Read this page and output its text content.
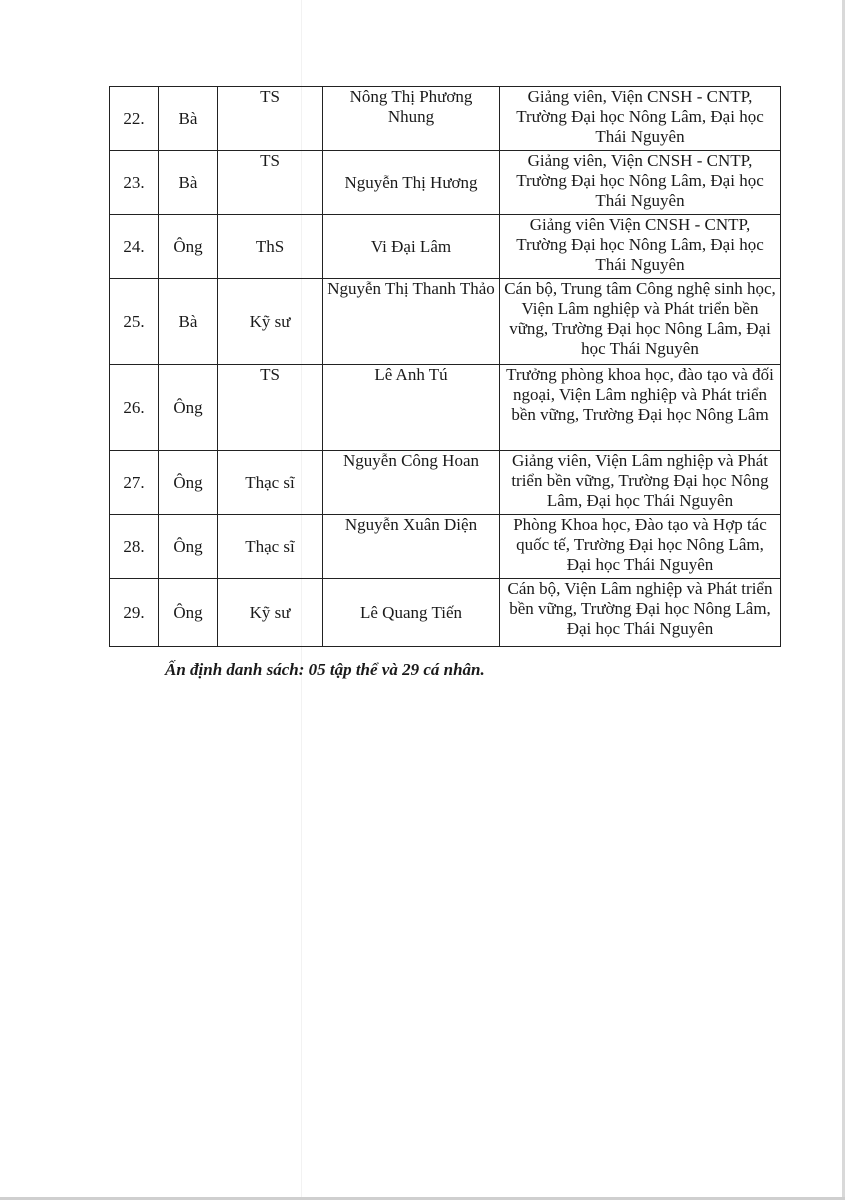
22.	Bà	TS	Nông Thị Phương Nhung	Giảng viên, Viện CNSH - CNTP, Trường Đại học Nông Lâm, Đại học Thái Nguyên
23.	Bà	TS	Nguyễn Thị Hương	Giảng viên, Viện CNSH - CNTP, Trường Đại học Nông Lâm, Đại học Thái Nguyên
24.	Ông	ThS	Vi Đại Lâm	Giảng viên Viện CNSH - CNTP, Trường Đại học Nông Lâm, Đại học Thái Nguyên
25.	Bà	Kỹ sư	Nguyễn Thị Thanh Thảo	Cán bộ, Trung tâm Công nghệ sinh học, Viện Lâm nghiệp và Phát triển bền vững, Trường Đại học Nông Lâm, Đại học Thái Nguyên
26.	Ông	TS	Lê Anh Tú	Trưởng phòng khoa học, đào tạo và đối ngoại, Viện Lâm nghiệp và Phát triển bền vững, Trường Đại học Nông Lâm
27.	Ông	Thạc sĩ	Nguyễn Công Hoan	Giảng viên, Viện Lâm nghiệp và Phát triển bền vững, Trường Đại học Nông Lâm, Đại học Thái Nguyên
28.	Ông	Thạc sĩ	Nguyễn Xuân Diện	Phòng Khoa học, Đào tạo và Hợp tác quốc tế, Trường Đại học Nông Lâm, Đại học Thái Nguyên
29.	Ông	Kỹ sư	Lê Quang Tiến	Cán bộ, Viện Lâm nghiệp và Phát triển bền vững, Trường Đại học Nông Lâm, Đại học Thái Nguyên

Ấn định danh sách: 05 tập thể và 29 cá nhân.
